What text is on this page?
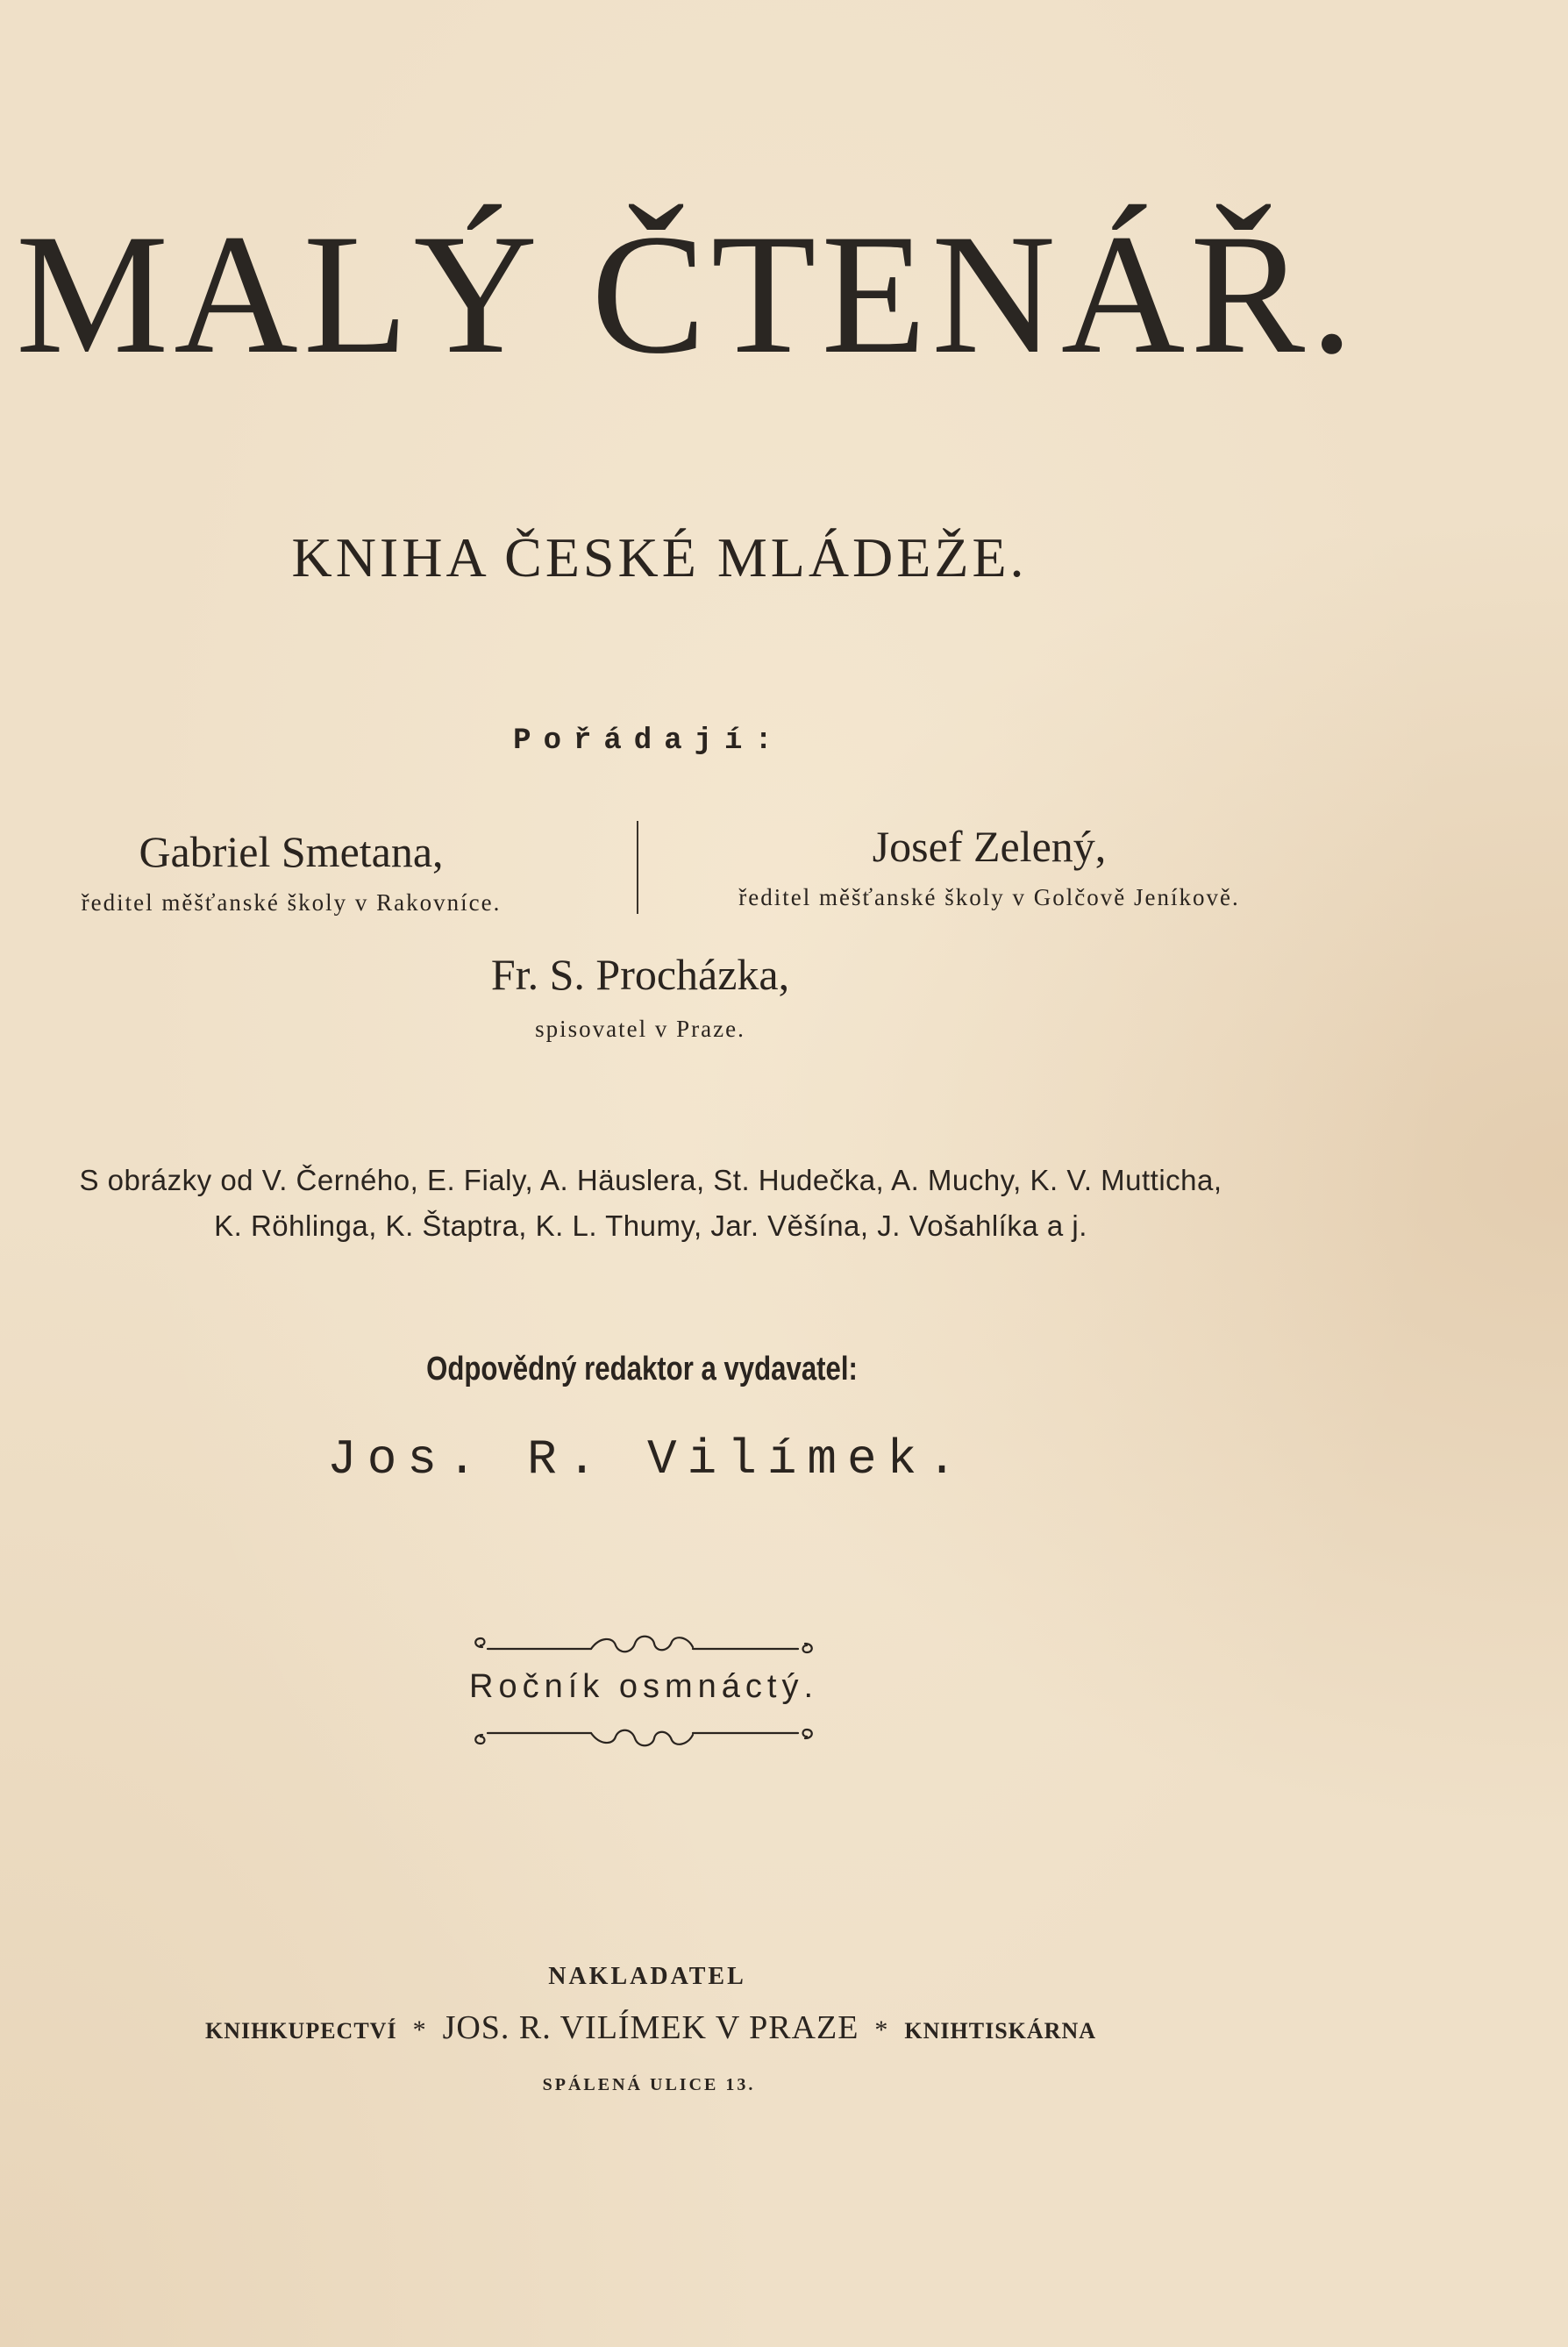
MALÝ ČTENÁŘ.
KNIHA ČESKÉ MLÁDEŽE.
Pořádají:
Gabriel Smetana,
ředitel měšťanské školy v Rakovníce.
Josef Zelený,
ředitel měšťanské školy v Golčově Jeníkově.
Fr. S. Procházka,
spisovatel v Praze.
S obrázky od V. Černého, E. Fialy, A. Häuslera, St. Hudečka, A. Muchy, K. V. Mutticha,
K. Röhlinga, K. Štaptra, K. L. Thumy, Jar. Věšína, J. Vošahlíka a j.
Odpovědný redaktor a vydavatel:
Jos. R. Vilímek.
Ročník osmnáctý.
NAKLADATEL
KNIHKUPECTVÍ * JOS. R. VILÍMEK V PRAZE * KNIHTISKÁRNA
SPÁLENÁ ULICE 13.
